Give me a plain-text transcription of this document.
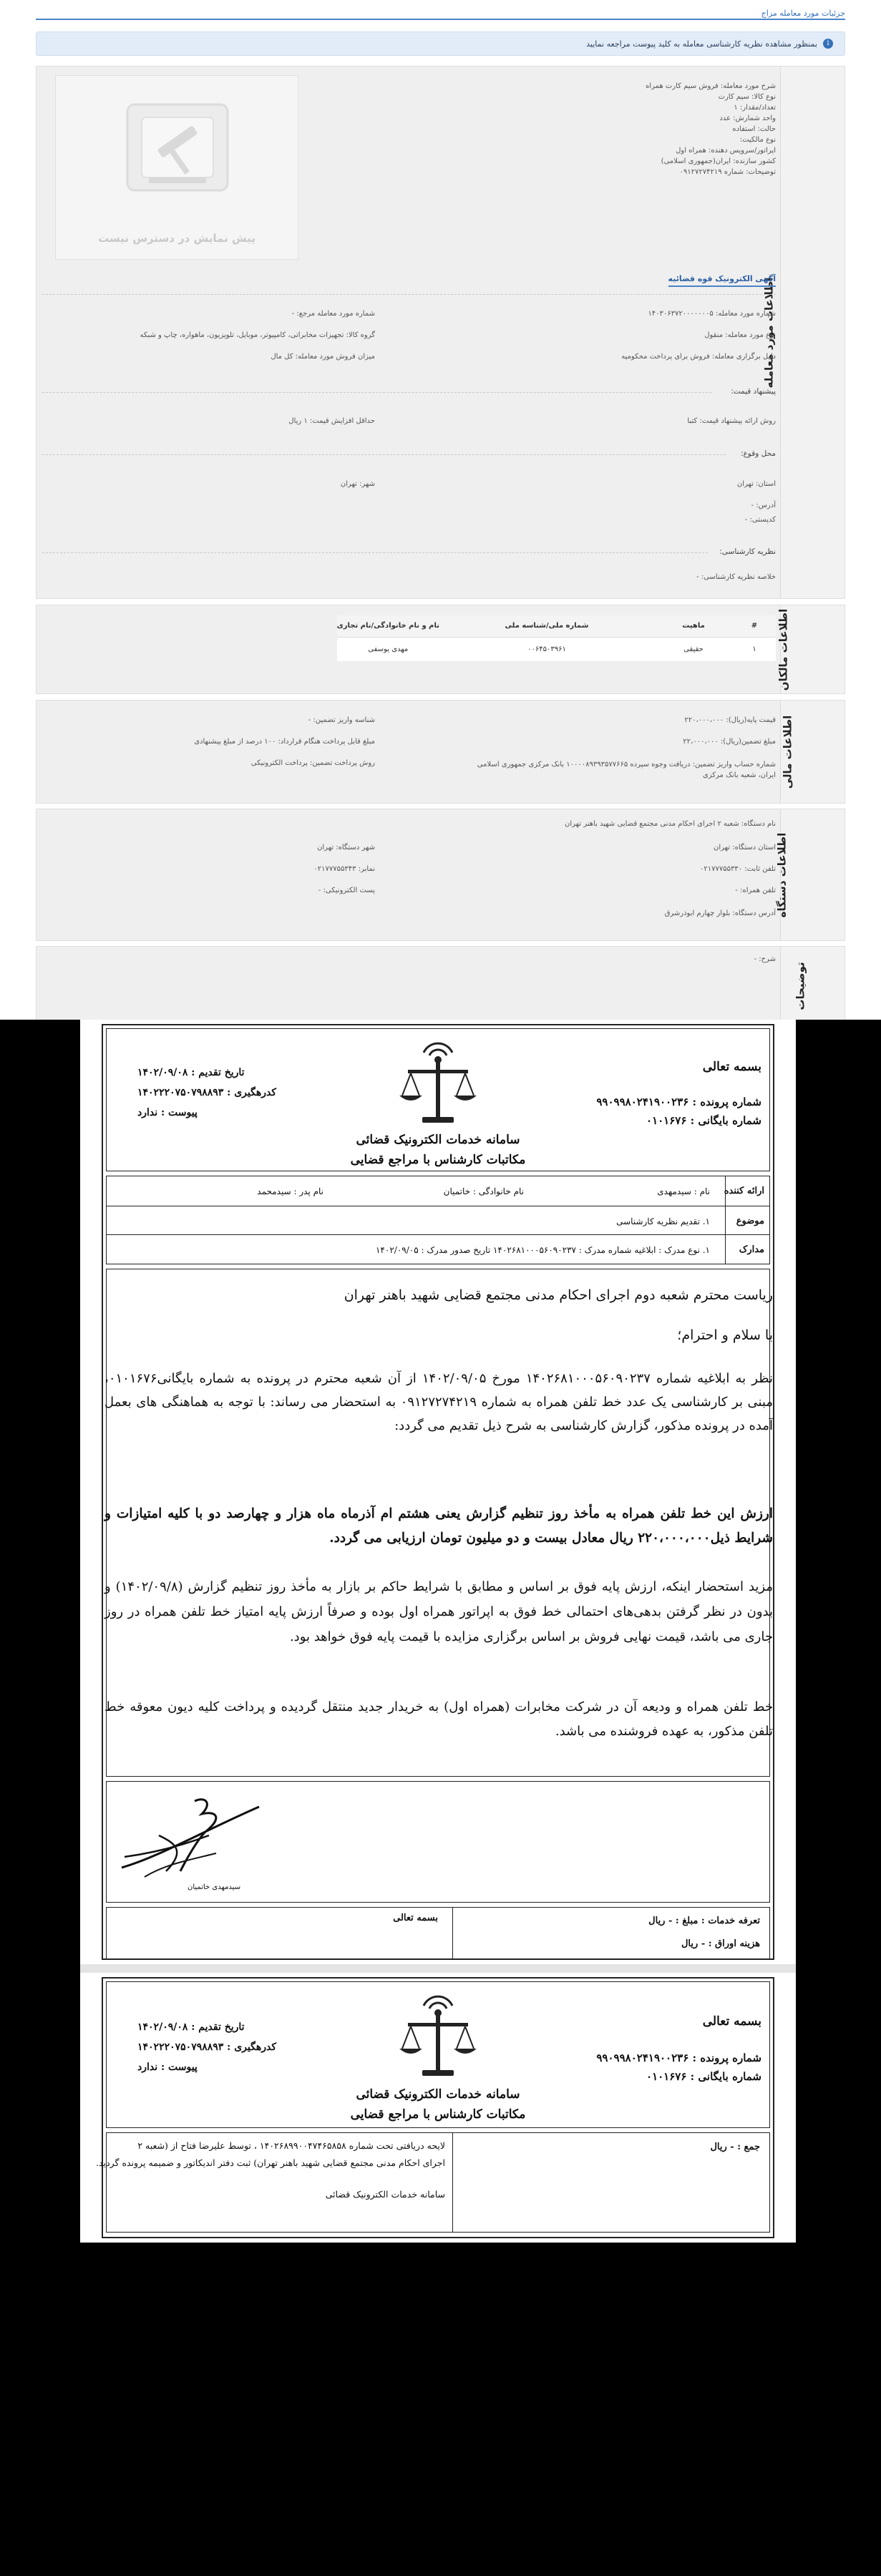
جزئیات مورد معامله مزاج
i
بمنظور مشاهده نظریه کارشناسی معامله به کلید پیوست مراجعه نمایید
اطلاعات مورد معامله
شرح مورد معامله: فروش سیم کارت همراه
نوع کالا: سیم کارت
تعداد/مقدار: ۱
واحد شمارش: عدد
حالت: استفاده
نوع مالکیت:
اپراتور/سرویس دهنده: همراه اول
کشور سازنده: ایران(جمهوری اسلامی)
توضیحات: شماره ۰۹۱۲۷۲۷۴۲۱۹
پیش نمایش در دسترس نیست
آگهی الکترونیک قوه قضائیه
شماره مورد معامله: ۱۴۰۳۰۶۳۷۲۰۰۰۰۰۰۰۵
شماره مورد معامله مرجع: -
نوع مورد معامله: منقول
گروه کالا: تجهیزات مخابراتی، کامپیوتر، موبایل، تلویزیون، ماهواره، چاپ و شبکه
دلیل برگزاری معامله: فروش برای پرداخت محکومیه
میزان فروش مورد معامله: کل مال
پیشنهاد قیمت:
روش ارائه پیشنهاد قیمت: کتبا
حداقل افزایش قیمت: ۱ ریال
محل وقوع:
استان: تهران
شهر: تهران
آدرس: -
کدپستی: -
نظریه کارشناسی:
خلاصه نظریه کارشناسی: -
اطلاعات مالکان
#	ماهیت	شماره ملی/شناسه ملی	نام و نام خانوادگی/نام تجاری
۱	حقیقی	۰۰۶۴۵۰۳۹۶۱	مهدی یوسفی
اطلاعات مالی
قیمت پایه(ریال): ۲۲۰،۰۰۰،۰۰۰
شناسه واریز تضمین: -
مبلغ تضمین(ریال): ۲۲،۰۰۰،۰۰۰
مبلغ قابل پرداخت هنگام قرارداد: ۱۰۰ درصد از مبلغ پیشنهادی
شماره حساب واریز تضمین: دریافت وجوه سپرده ۱۰۰۰۰۸۹۳۹۳۵۷۷۶۶۵ بانک مرکزی جمهوری اسلامی ایران، شعبه بانک مرکزی
روش پرداخت تضمین: پرداخت الکترونیکی
اطلاعات دستگاه
نام دستگاه: شعبه ۲ اجرای احکام مدنی مجتمع قضایی شهید باهنر تهران
استان دستگاه: تهران
شهر دستگاه: تهران
تلفن ثابت: ۰۲۱۷۷۷۵۵۳۳۰
نمابر: ۰۲۱۷۷۷۵۵۳۴۳
تلفن همراه: -
پست الکترونیکی: -
آدرس دستگاه: بلوار چهارم ابوذرشرق
توضیحات
شرح: -
بسمه تعالی
شماره پرونده : ۹۹۰۹۹۸۰۲۴۱۹۰۰۲۳۶
شماره بایگانی : ۰۱۰۱۶۷۶
تاریخ تقدیم : ۱۴۰۲/۰۹/۰۸
کدرهگیری : ۱۴۰۲۲۲۰۷۵۰۷۹۸۸۹۳
پیوست : ندارد
سامانه خدمات الکترونیک قضائی
مکاتبات کارشناس با مراجع قضایی
ارائه کننده
نام : سیدمهدی
نام خانوادگی : خاتمیان
نام پدر : سیدمحمد
موضوع
۱. تقدیم نظریه کارشناسی
مدارک
۱. نوع مدرک : ابلاغیه شماره مدرک : ۱۴۰۲۶۸۱۰۰۰۵۶۰۹۰۲۳۷ تاریخ صدور مدرک : ۱۴۰۲/۰۹/۰۵
ریاست محترم شعبه دوم اجرای احکام مدنی مجتمع قضایی شهید باهنر تهران
با سلام و احترام؛
نظر به ابلاغیه شماره ۱۴۰۲۶۸۱۰۰۰۵۶۰۹۰۲۳۷ مورخ ۱۴۰۲/۰۹/۰۵ از آن شعبه محترم در پرونده به شماره بایگانی۰۱۰۱۶۷۶، مبنی بر کارشناسی یک عدد خط تلفن همراه به شماره ۰۹۱۲۷۲۷۴۲۱۹ به استحضار می رساند: با توجه به هماهنگی های بعمل آمده در پرونده مذکور، گزارش کارشناسی به شرح ذیل تقدیم می گردد:
ارزش این خط تلفن همراه به مأخذ روز تنظیم گزارش یعنی هشتم ام آذرماه ماه هزار و چهارصد دو با کلیه امتیازات و شرایط ذیل۲۲۰،۰۰۰،۰۰۰ ریال معادل بیست و دو میلیون تومان ارزیابی می گردد.
مزید استحضار اینکه، ارزش پایه فوق بر اساس و مطابق با شرایط حاکم بر بازار به مأخذ روز تنظیم گزارش (۱۴۰۲/۰۹/۸) و بدون در نظر گرفتن بدهی‌های احتمالی خط فوق به اپراتور همراه اول بوده و صرفاً ارزش پایه امتیاز خط تلفن همراه در روز جاری می باشد، قیمت نهایی فروش بر اساس برگزاری مزایده با قیمت پایه فوق خواهد بود.
خط تلفن همراه و ودیعه آن در شرکت مخابرات (همراه اول) به خریدار جدید منتقل گردیده و پرداخت کلیه دیون معوقه خط تلفن مذکور، به عهده فروشنده می باشد.
سیدمهدی خاتمیان
تعرفه خدمات : مبلغ : - ریال
هزینه اوراق : - ریال
بسمه تعالی
بسمه تعالی
شماره پرونده : ۹۹۰۹۹۸۰۲۴۱۹۰۰۲۳۶
شماره بایگانی : ۰۱۰۱۶۷۶
تاریخ تقدیم : ۱۴۰۲/۰۹/۰۸
کدرهگیری : ۱۴۰۲۲۲۰۷۵۰۷۹۸۸۹۳
پیوست : ندارد
سامانه خدمات الکترونیک قضائی
مکاتبات کارشناس با مراجع قضایی
جمع : - ریال
لایحه دریافتی تحت شماره ۱۴۰۲۶۸۹۹۰۰۴۷۴۶۵۸۵۸ ، توسط علیرضا فتاح از (شعبه ۲
اجرای احکام مدنی مجتمع قضایی شهید باهنر تهران) ثبت دفتر اندیکاتور و ضمیمه پرونده گردید.
سامانه خدمات الکترونیک قضائی
